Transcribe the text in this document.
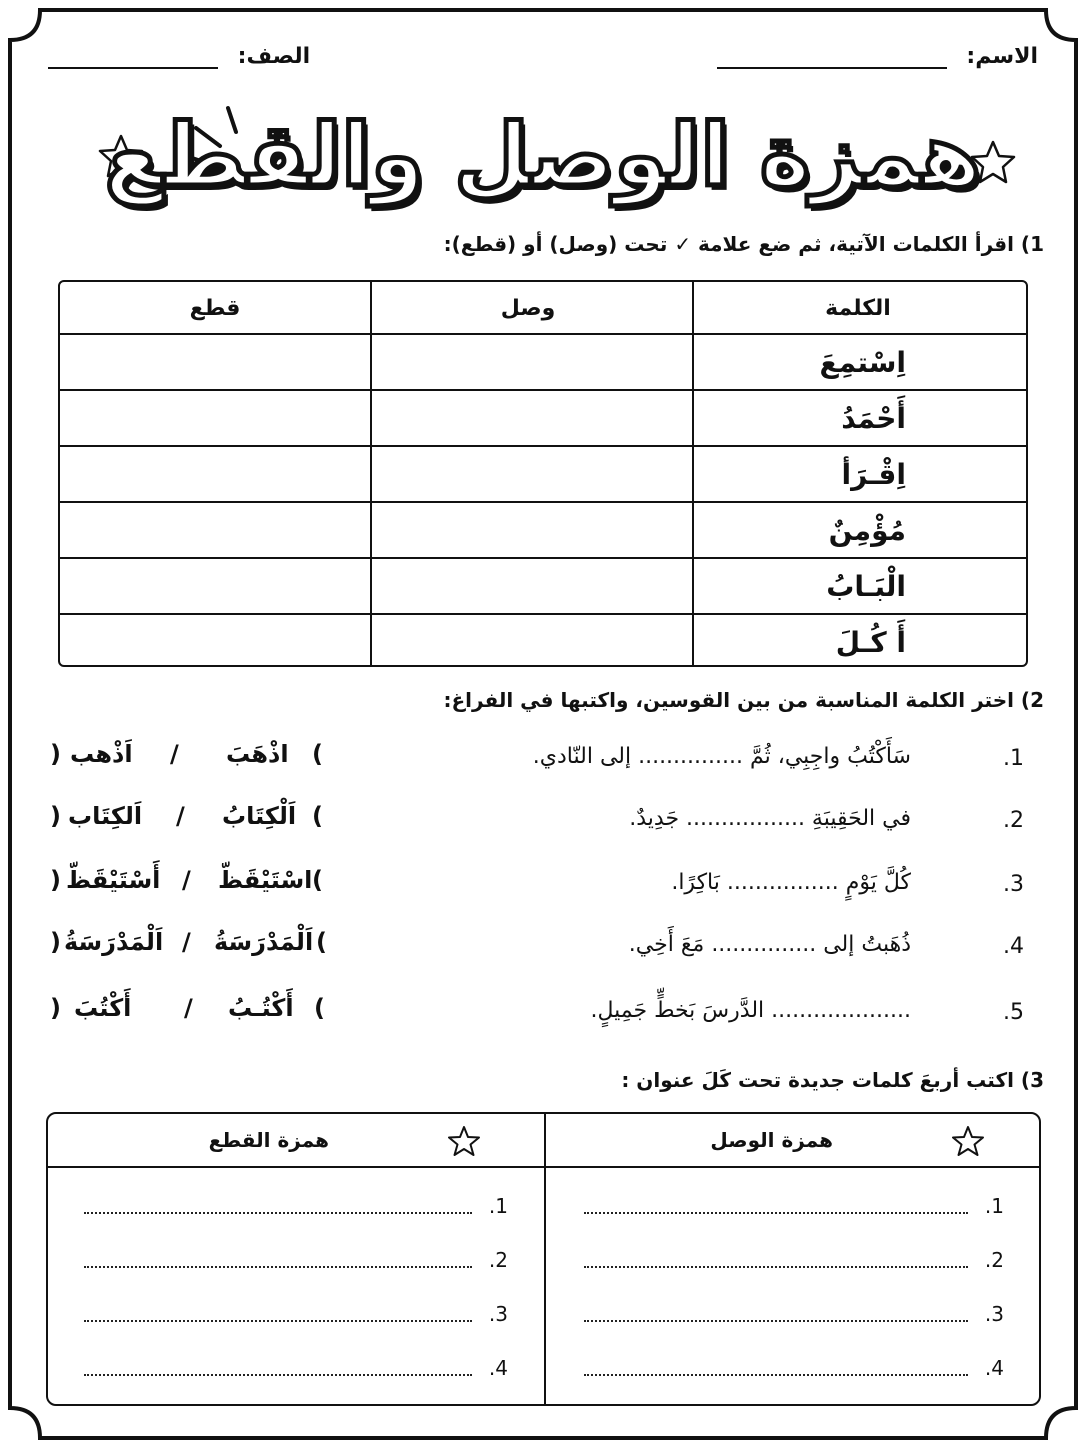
الاسم:
الصف:
همزة الوصل والقطع
1) اقرأ الكلمات الآتية، ثم ضع علامة ✓ تحت (وصل) أو (قطع):
الكلمة
وصل
قطع
اِسْتمِعَ
أَحْمَدُ
اِقْـرَأ
مُؤْمِنٌ
الْبَـابُ
أَ كُـلَ
2) اختر الكلمة المناسبة من بين القوسين، واكتبها في الفراغ:
1.
سَأَكْتُبُ واجِبِي، ثُمَّ ............... إلى النّادي.
(
اذْهَبَ
/
اَذْهب
)
2.
في الحَقِيبَةِ ................. جَدِيدٌ.
(
اَلْكِتَابُ
/
اَلكِتَاب
)
3.
كُلَّ يَوْمٍ ................ بَاكِرًا.
(
اسْتَيْقَظّ
/
أَسْتَيْقَظّ
)
4.
ذُهَبتُ إلى ............... مَعَ أَخِي.
(
اَلْمَدْرَسَةُ
/
اَلْمَدْرَسَةُ
)
5.
.................... الدَّرسَ بَخطٍّ جَمِيلٍ.
(
أَكْتُـبُ
/
أَكْتُبَ
)
3) اكتب أربعَ كلمات جديدة تحت كَلَ عنوان :
همزة الوصل
همزة القطع
1.
2.
3.
4.
1.
2.
3.
4.
